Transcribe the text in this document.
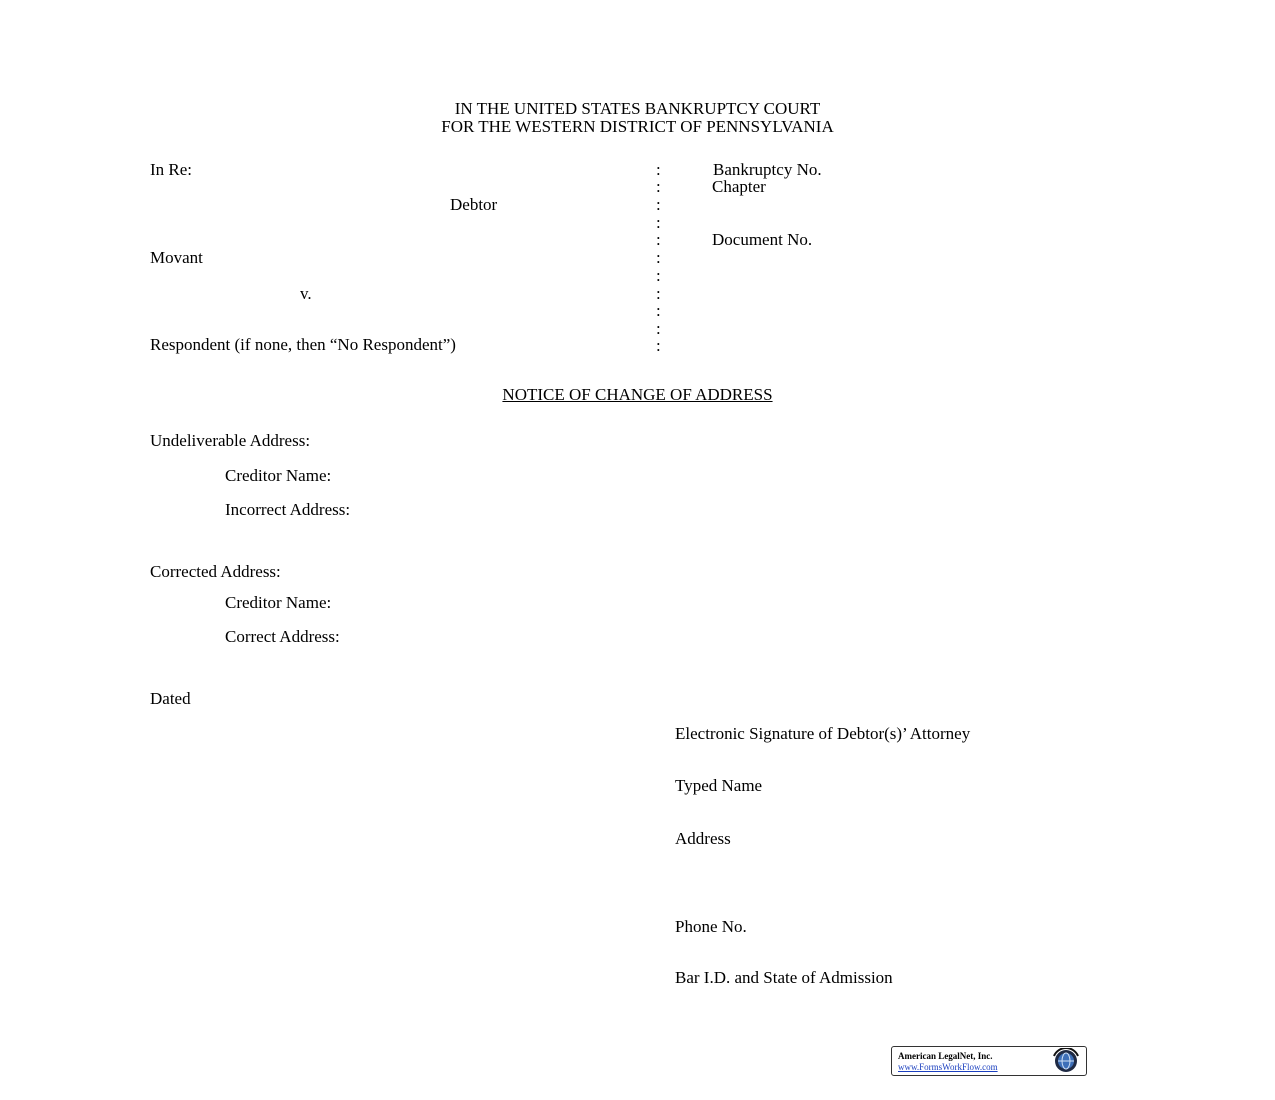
IN THE UNITED STATES BANKRUPTCY COURT
FOR THE WESTERN DISTRICT OF PENNSYLVANIA
In Re:
Debtor
Movant
v.
Respondent (if none, then “No Respondent”)
:
:
:
:
:
:
:
:
:
:
:
Bankruptcy No.
Chapter
Document No.
NOTICE OF CHANGE OF ADDRESS
Undeliverable Address:
Creditor Name:
Incorrect Address:
Corrected Address:
Creditor Name:
Correct Address:
Dated
Electronic Signature of Debtor(s)’ Attorney
Typed Name
Address
Phone No.
Bar I.D. and State of Admission
American LegalNet, Inc.
www.FormsWorkFlow.com
